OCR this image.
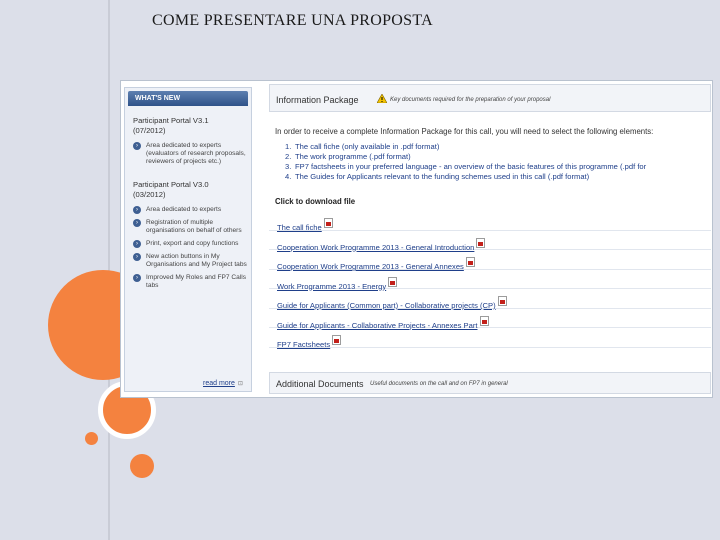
COME PRESENTARE UNA PROPOSTA
WHAT'S NEW
Participant Portal V3.1
(07/2012)
›	Area dedicated to experts (evaluators of research proposals, reviewers of projects etc.)
Participant Portal V3.0
(03/2012)
›	Area dedicated to experts
›	Registration of multiple organisations on behalf of others
›	Print, export and copy functions
›	New action buttons in My Organisations and My Project tabs
›	Improved My Roles and FP7 Calls tabs
read more ⊡
Information Package	Key documents required for the preparation of your proposal
In order to receive a complete Information Package for this call, you will need to select the following elements:
1. The call fiche (only available in .pdf format)
2. The work programme (.pdf format)
3. FP7 factsheets in your preferred language - an overview of the basic features of this programme (.pdf for
4. The Guides for Applicants relevant to the funding schemes used in this call (.pdf format)
Click to download file
$_{The call fiche}$
$_{Cooperation Work Programme 2013 - General Introduction}$
$_{Cooperation Work Programme 2013 - General Annexes}$
$_{Work Programme 2013 - Energy}$
$_{Guide for Applicants (Common part) - Collaborative projects (CP)}$
$_{Guide for Applicants - Collaborative Projects - Annexes Part}$
$_{FP7 Factsheets}$
Additional Documents Useful documents on the call and on FP7 in general
